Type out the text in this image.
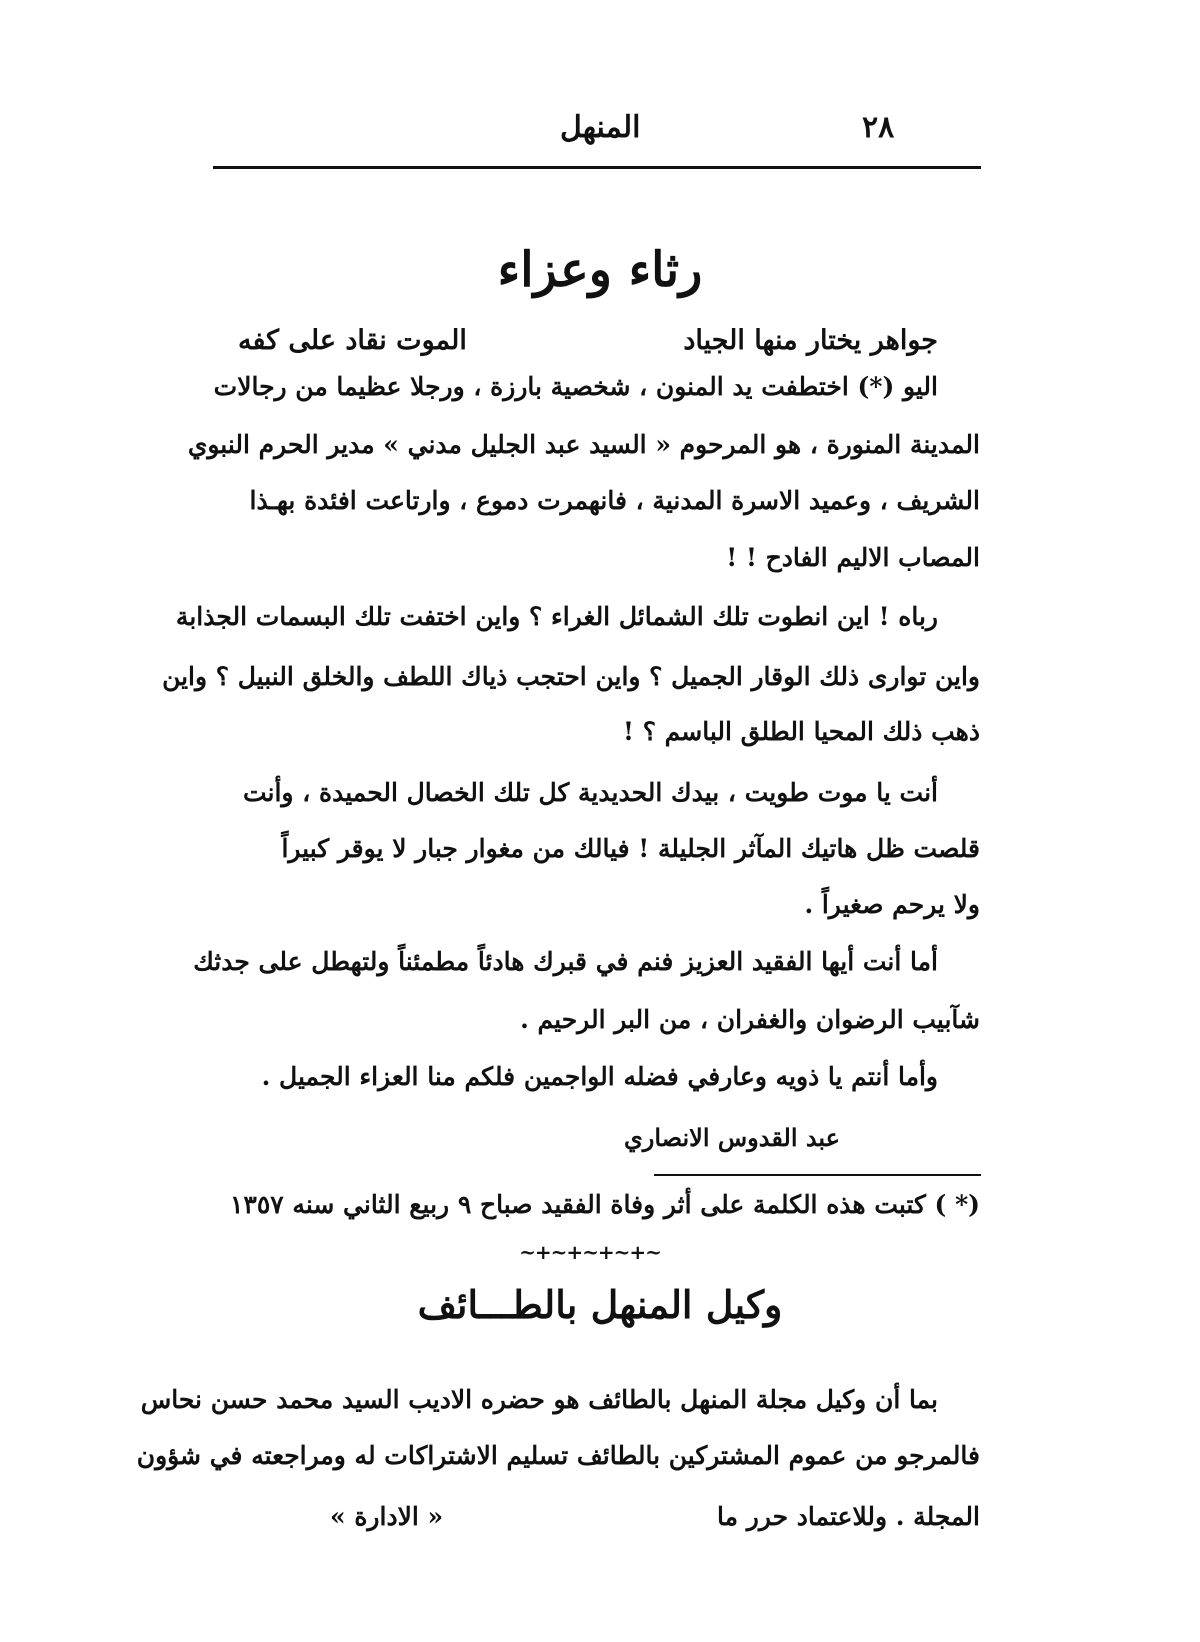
٢٨
المنهل
رثاء وعزاء
الموت نقاد على كفه	جواهر يختار منها الجياد
اليو (*) اختطفت يد المنون ، شخصية بارزة ، ورجلا عظيما من رجالات
المدينة المنورة ، هو المرحوم « السيد عبد الجليل مدني » مدير الحرم النبوي
الشريف ، وعميد الاسرة المدنية ، فانهمرت دموع ، وارتاعت افئدة بهـذا
المصاب الاليم الفادح ! !
رباه ! اين انطوت تلك الشمائل الغراء ؟ واين اختفت تلك البسمات الجذابة
واين توارى ذلك الوقار الجميل ؟ واين احتجب ذياك اللطف والخلق النبيل ؟ واين
ذهب ذلك المحيا الطلق الباسم ؟ !
أنت يا موت طويت ، بيدك الحديدية كل تلك الخصال الحميدة ، وأنت
قلصت ظل هاتيك المآثر الجليلة ! فيالك من مغوار جبار لا يوقر كبيراً
ولا يرحم صغيراً .
أما أنت أيها الفقيد العزيز فنم في قبرك هادئاً مطمئناً ولتهطل على جدثك
شآبيب الرضوان والغفران ، من البر الرحيم .
وأما أنتم يا ذويه وعارفي فضله الواجمين فلكم منا العزاء الجميل .
عبد القدوس الانصاري
(* ) كتبت هذه الكلمة على أثر وفاة الفقيد صباح ٩ ربيع الثاني سنه ١٣٥٧
~+~+~+~+~
وكيل المنهل بالطـــائف
بما أن وكيل مجلة المنهل بالطائف هو حضره الاديب السيد محمد حسن نحاس
فالمرجو من عموم المشتركين بالطائف تسليم الاشتراكات له ومراجعته في شؤون
المجلة . وللاعتماد حرر ما
« الادارة »
